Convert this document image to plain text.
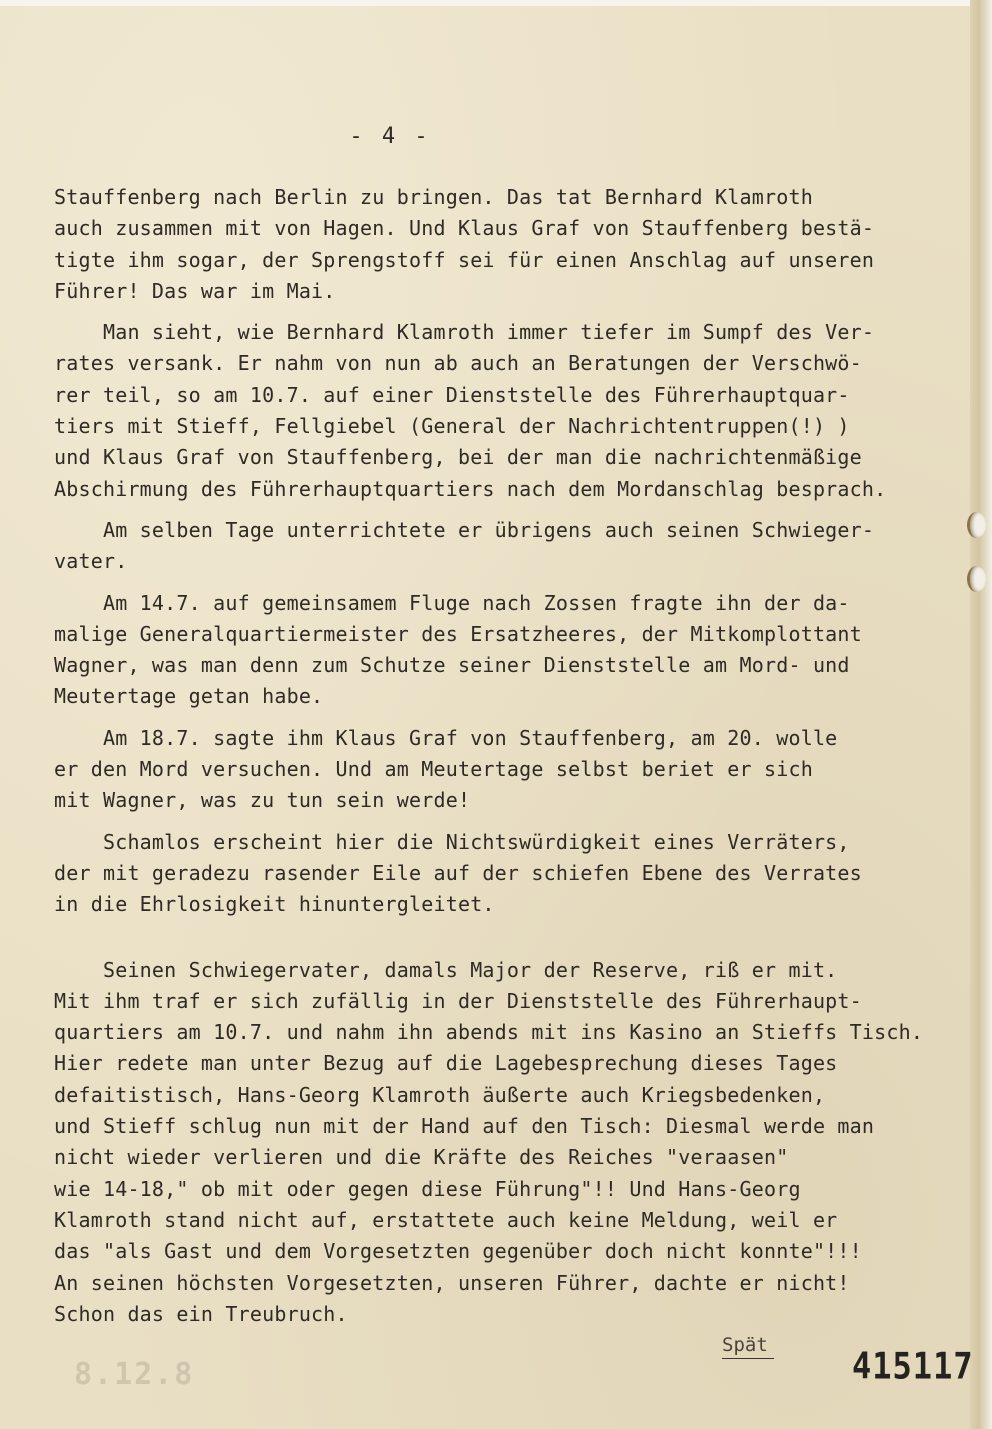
- 4 -
Stauffenberg nach Berlin zu bringen. Das tat Bernhard Klamroth
auch zusammen mit von Hagen. Und Klaus Graf von Stauffenberg bestä-
tigte ihm sogar, der Sprengstoff sei für einen Anschlag auf unseren
Führer! Das war im Mai.
Man sieht, wie Bernhard Klamroth immer tiefer im Sumpf des Ver-
rates versank. Er nahm von nun ab auch an Beratungen der Verschwö-
rer teil, so am 10.7. auf einer Dienststelle des Führerhauptquar-
tiers mit Stieff, Fellgiebel (General der Nachrichtentruppen(!) )
und Klaus Graf von Stauffenberg, bei der man die nachrichtenmäßige
Abschirmung des Führerhauptquartiers nach dem Mordanschlag besprach.
Am selben Tage unterrichtete er übrigens auch seinen Schwieger-
vater.
Am 14.7. auf gemeinsamem Fluge nach Zossen fragte ihn der da-
malige Generalquartiermeister des Ersatzheeres, der Mitkomplottant
Wagner, was man denn zum Schutze seiner Dienststelle am Mord- und
Meutertage getan habe.
Am 18.7. sagte ihm Klaus Graf von Stauffenberg, am 20. wolle
er den Mord versuchen. Und am Meutertage selbst beriet er sich
mit Wagner, was zu tun sein werde!
Schamlos erscheint hier die Nichtswürdigkeit eines Verräters,
der mit geradezu rasender Eile auf der schiefen Ebene des Verrates
in die Ehrlosigkeit hinuntergleitet.
Seinen Schwiegervater, damals Major der Reserve, riß er mit.
Mit ihm traf er sich zufällig in der Dienststelle des Führerhaupt-
quartiers am 10.7. und nahm ihn abends mit ins Kasino an Stieffs Tisch.
Hier redete man unter Bezug auf die Lagebesprechung dieses Tages
defaitistisch, Hans-Georg Klamroth äußerte auch Kriegsbedenken,
und Stieff schlug nun mit der Hand auf den Tisch: Diesmal werde man
nicht wieder verlieren und die Kräfte des Reiches "veraasen"
wie 14-18," ob mit oder gegen diese Führung"!! Und Hans-Georg
Klamroth stand nicht auf, erstattete auch keine Meldung, weil er
das "als Gast und dem Vorgesetzten gegenüber doch nicht konnte"!!!
An seinen höchsten Vorgesetzten, unseren Führer, dachte er nicht!
Schon das ein Treubruch.
8.12.8
Spät	415117
